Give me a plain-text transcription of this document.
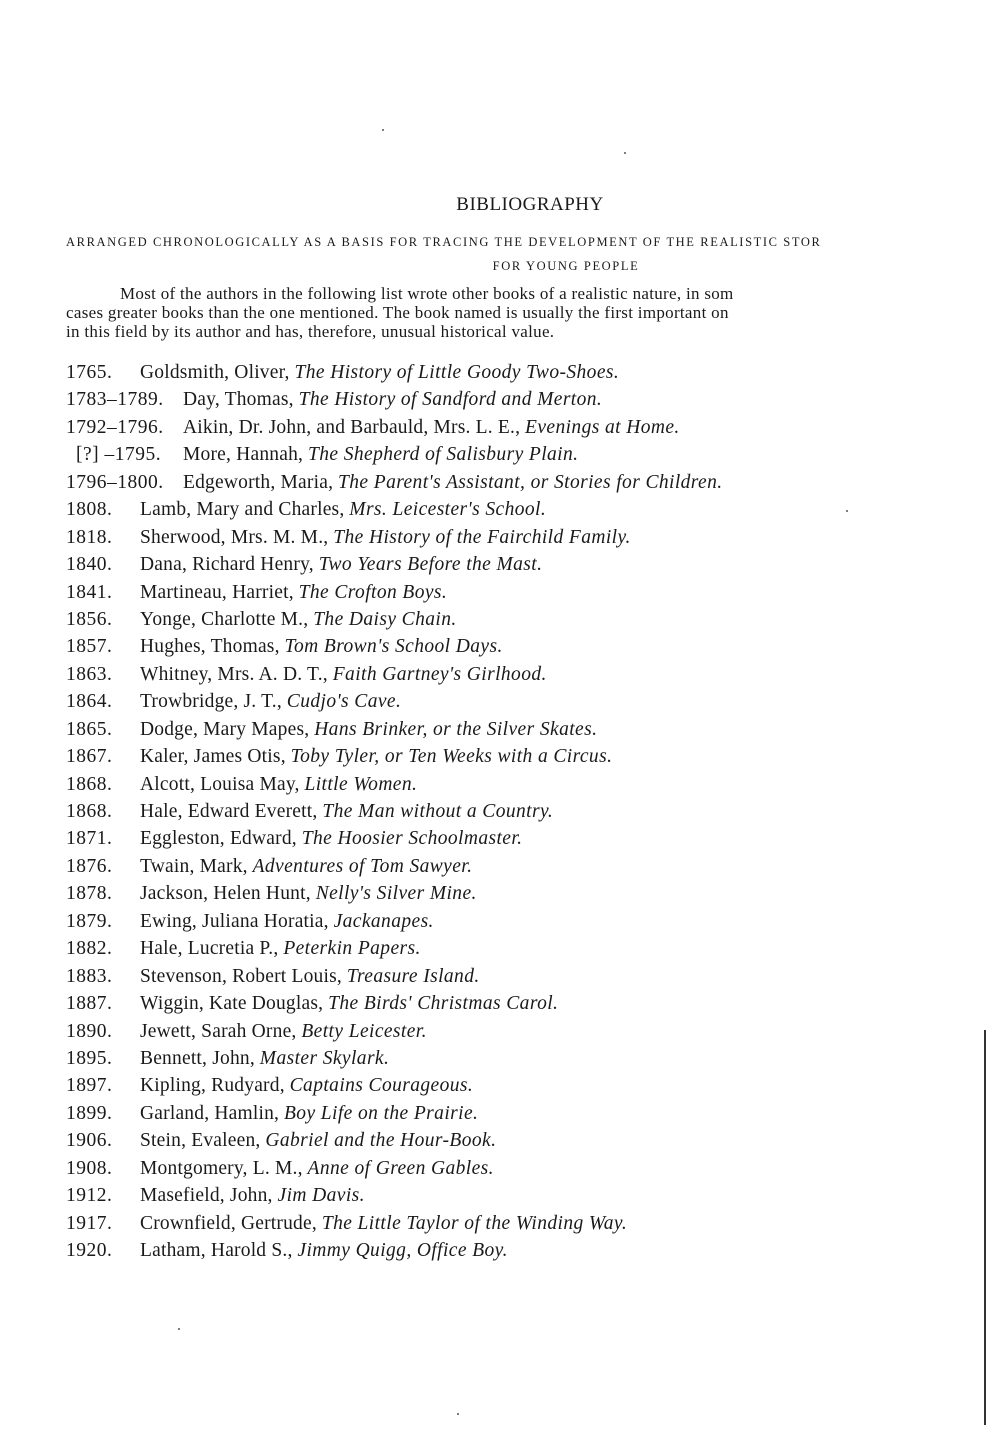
BIBLIOGRAPHY
ARRANGED CHRONOLOGICALLY AS A BASIS FOR TRACING THE DEVELOPMENT OF THE REALISTIC STOR
FOR YOUNG PEOPLE
Most of the authors in the following list wrote other books of a realistic nature, in som
cases greater books than the one mentioned. The book named is usually the first important on
in this field by its author and has, therefore, unusual historical value.
1765. Goldsmith, Oliver, The History of Little Goody Two-Shoes.
1783–1789. Day, Thomas, The History of Sandford and Merton.
1792–1796. Aikin, Dr. John, and Barbauld, Mrs. L. E., Evenings at Home.
[?] –1795. More, Hannah, The Shepherd of Salisbury Plain.
1796–1800. Edgeworth, Maria, The Parent's Assistant, or Stories for Children.
1808. Lamb, Mary and Charles, Mrs. Leicester's School.
1818. Sherwood, Mrs. M. M., The History of the Fairchild Family.
1840. Dana, Richard Henry, Two Years Before the Mast.
1841. Martineau, Harriet, The Crofton Boys.
1856. Yonge, Charlotte M., The Daisy Chain.
1857. Hughes, Thomas, Tom Brown's School Days.
1863. Whitney, Mrs. A. D. T., Faith Gartney's Girlhood.
1864. Trowbridge, J. T., Cudjo's Cave.
1865. Dodge, Mary Mapes, Hans Brinker, or the Silver Skates.
1867. Kaler, James Otis, Toby Tyler, or Ten Weeks with a Circus.
1868. Alcott, Louisa May, Little Women.
1868. Hale, Edward Everett, The Man without a Country.
1871. Eggleston, Edward, The Hoosier Schoolmaster.
1876. Twain, Mark, Adventures of Tom Sawyer.
1878. Jackson, Helen Hunt, Nelly's Silver Mine.
1879. Ewing, Juliana Horatia, Jackanapes.
1882. Hale, Lucretia P., Peterkin Papers.
1883. Stevenson, Robert Louis, Treasure Island.
1887. Wiggin, Kate Douglas, The Birds' Christmas Carol.
1890. Jewett, Sarah Orne, Betty Leicester.
1895. Bennett, John, Master Skylark.
1897. Kipling, Rudyard, Captains Courageous.
1899. Garland, Hamlin, Boy Life on the Prairie.
1906. Stein, Evaleen, Gabriel and the Hour-Book.
1908. Montgomery, L. M., Anne of Green Gables.
1912. Masefield, John, Jim Davis.
1917. Crownfield, Gertrude, The Little Taylor of the Winding Way.
1920. Latham, Harold S., Jimmy Quigg, Office Boy.
